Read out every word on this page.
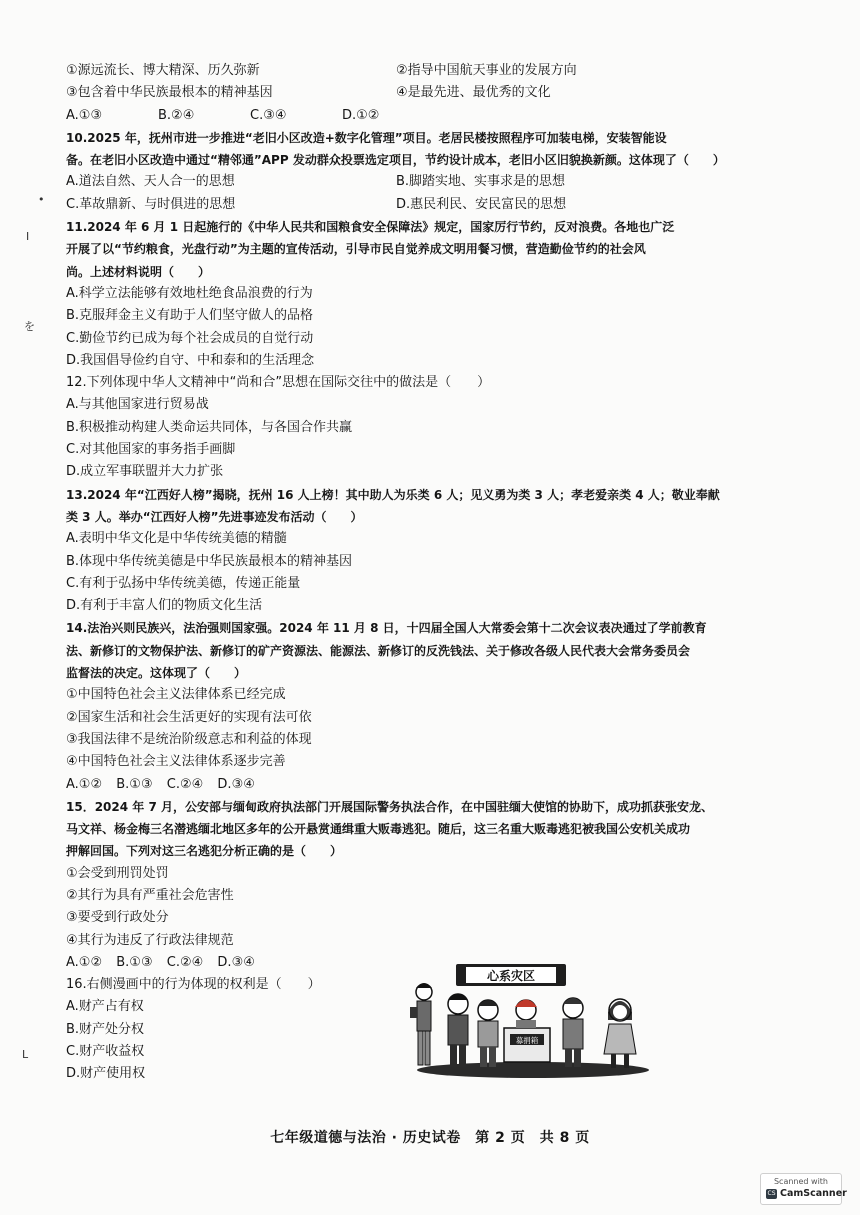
•
I
を
L
①源远流长、博大精深、历久弥新	②指导中国航天事业的发展方向
③包含着中华民族最根本的精神基因	④是最先进、最优秀的文化
A.①③	B.②④	C.③④	D.①②
10.2025 年，抚州市进一步推进“老旧小区改造+数字化管理”项目。老居民楼按照程序可加装电梯，安装智能设
备。在老旧小区改造中通过“精邻通”APP 发动群众投票选定项目，节约设计成本，老旧小区旧貌换新颜。这体现了（　　）
A.道法自然、天人合一的思想	B.脚踏实地、实事求是的思想
C.革故鼎新、与时俱进的思想	D.惠民利民、安民富民的思想
11.2024 年 6 月 1 日起施行的《中华人民共和国粮食安全保障法》规定，国家厉行节约，反对浪费。各地也广泛
开展了以“节约粮食，光盘行动”为主题的宣传活动，引导市民自觉养成文明用餐习惯，营造勤俭节约的社会风
尚。上述材料说明（　　）
A.科学立法能够有效地杜绝食品浪费的行为
B.克服拜金主义有助于人们坚守做人的品格
C.勤俭节约已成为每个社会成员的自觉行动
D.我国倡导俭约自守、中和泰和的生活理念
12.下列体现中华人文精神中“尚和合”思想在国际交往中的做法是（　　）
A.与其他国家进行贸易战
B.积极推动构建人类命运共同体，与各国合作共赢
C.对其他国家的事务指手画脚
D.成立军事联盟并大力扩张
13.2024 年“江西好人榜”揭晓，抚州 16 人上榜！其中助人为乐类 6 人；见义勇为类 3 人；孝老爱亲类 4 人；敬业奉献
类 3 人。举办“江西好人榜”先进事迹发布活动（　　）
A.表明中华文化是中华传统美德的精髓
B.体现中华传统美德是中华民族最根本的精神基因
C.有利于弘扬中华传统美德，传递正能量
D.有利于丰富人们的物质文化生活
14.法治兴则民族兴，法治强则国家强。2024 年 11 月 8 日，十四届全国人大常委会第十二次会议表决通过了学前教育
法、新修订的文物保护法、新修订的矿产资源法、能源法、新修订的反洗钱法、关于修改各级人民代表大会常务委员会
监督法的决定。这体现了（　　）
①中国特色社会主义法律体系已经完成
②国家生活和社会生活更好的实现有法可依
③我国法律不是统治阶级意志和利益的体现
④中国特色社会主义法律体系逐步完善
A.①② B.①③ C.②④ D.③④
15．2024 年 7 月，公安部与缅甸政府执法部门开展国际警务执法合作，在中国驻缅大使馆的协助下，成功抓获张安龙、
马文祥、杨金梅三名潜逃缅北地区多年的公开悬赏通缉重大贩毒逃犯。随后，这三名重大贩毒逃犯被我国公安机关成功
押解回国。下列对这三名逃犯分析正确的是（　　）
①会受到刑罚处罚
②其行为具有严重社会危害性
③要受到行政处分
④其行为违反了行政法律规范
A.①② B.①③ C.②④ D.③④
16.右侧漫画中的行为体现的权利是（　　）
A.财产占有权
B.财产处分权
C.财产收益权
D.财产使用权
心系灾区
募捐箱
七年级道德与法治 · 历史试卷　第 2 页　共 8 页
Scanned with
CS CamScanner
